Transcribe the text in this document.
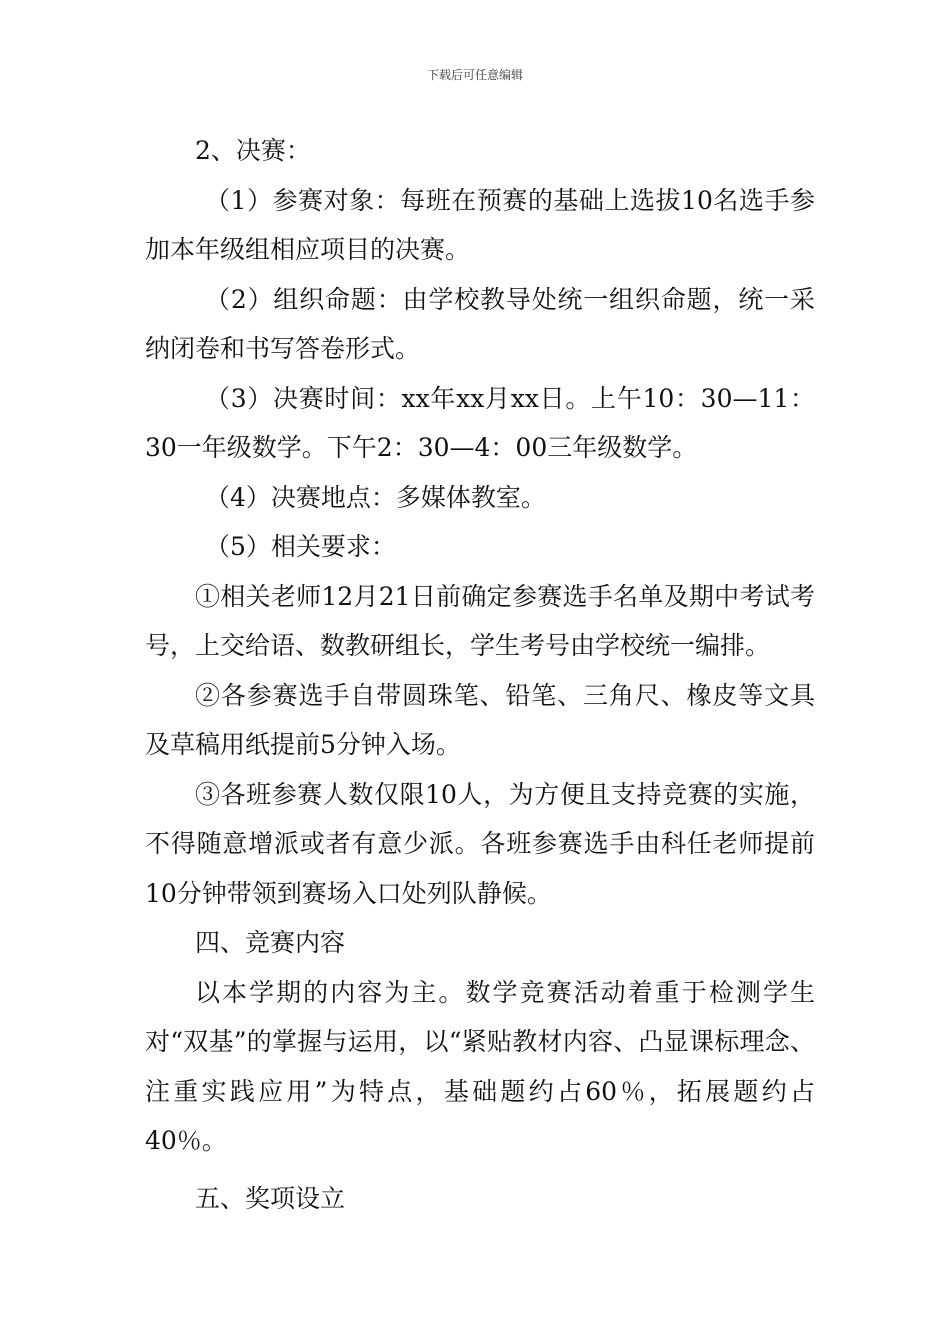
下载后可任意编辑

2、决赛：

（1）参赛对象：每班在预赛的基础上选拔10名选手参加本年级组相应项目的决赛。

（2）组织命题：由学校教导处统一组织命题，统一采纳闭卷和书写答卷形式。

（3）决赛时间：xx年xx月xx日。上午10：30—11：30一年级数学。下午2：30—4：00三年级数学。

（4）决赛地点：多媒体教室。

（5）相关要求：

①相关老师12月21日前确定参赛选手名单及期中考试考号，上交给语、数教研组长，学生考号由学校统一编排。

②各参赛选手自带圆珠笔、铅笔、三角尺、橡皮等文具及草稿用纸提前5分钟入场。

③各班参赛人数仅限10人，为方便且支持竞赛的实施，不得随意增派或者有意少派。各班参赛选手由科任老师提前10分钟带领到赛场入口处列队静候。

四、竞赛内容

以本学期的内容为主。数学竞赛活动着重于检测学生对“双基”的掌握与运用，以“紧贴教材内容、凸显课标理念、注重实践应用”为特点，基础题约占60％，拓展题约占40％。

五、奖项设立
